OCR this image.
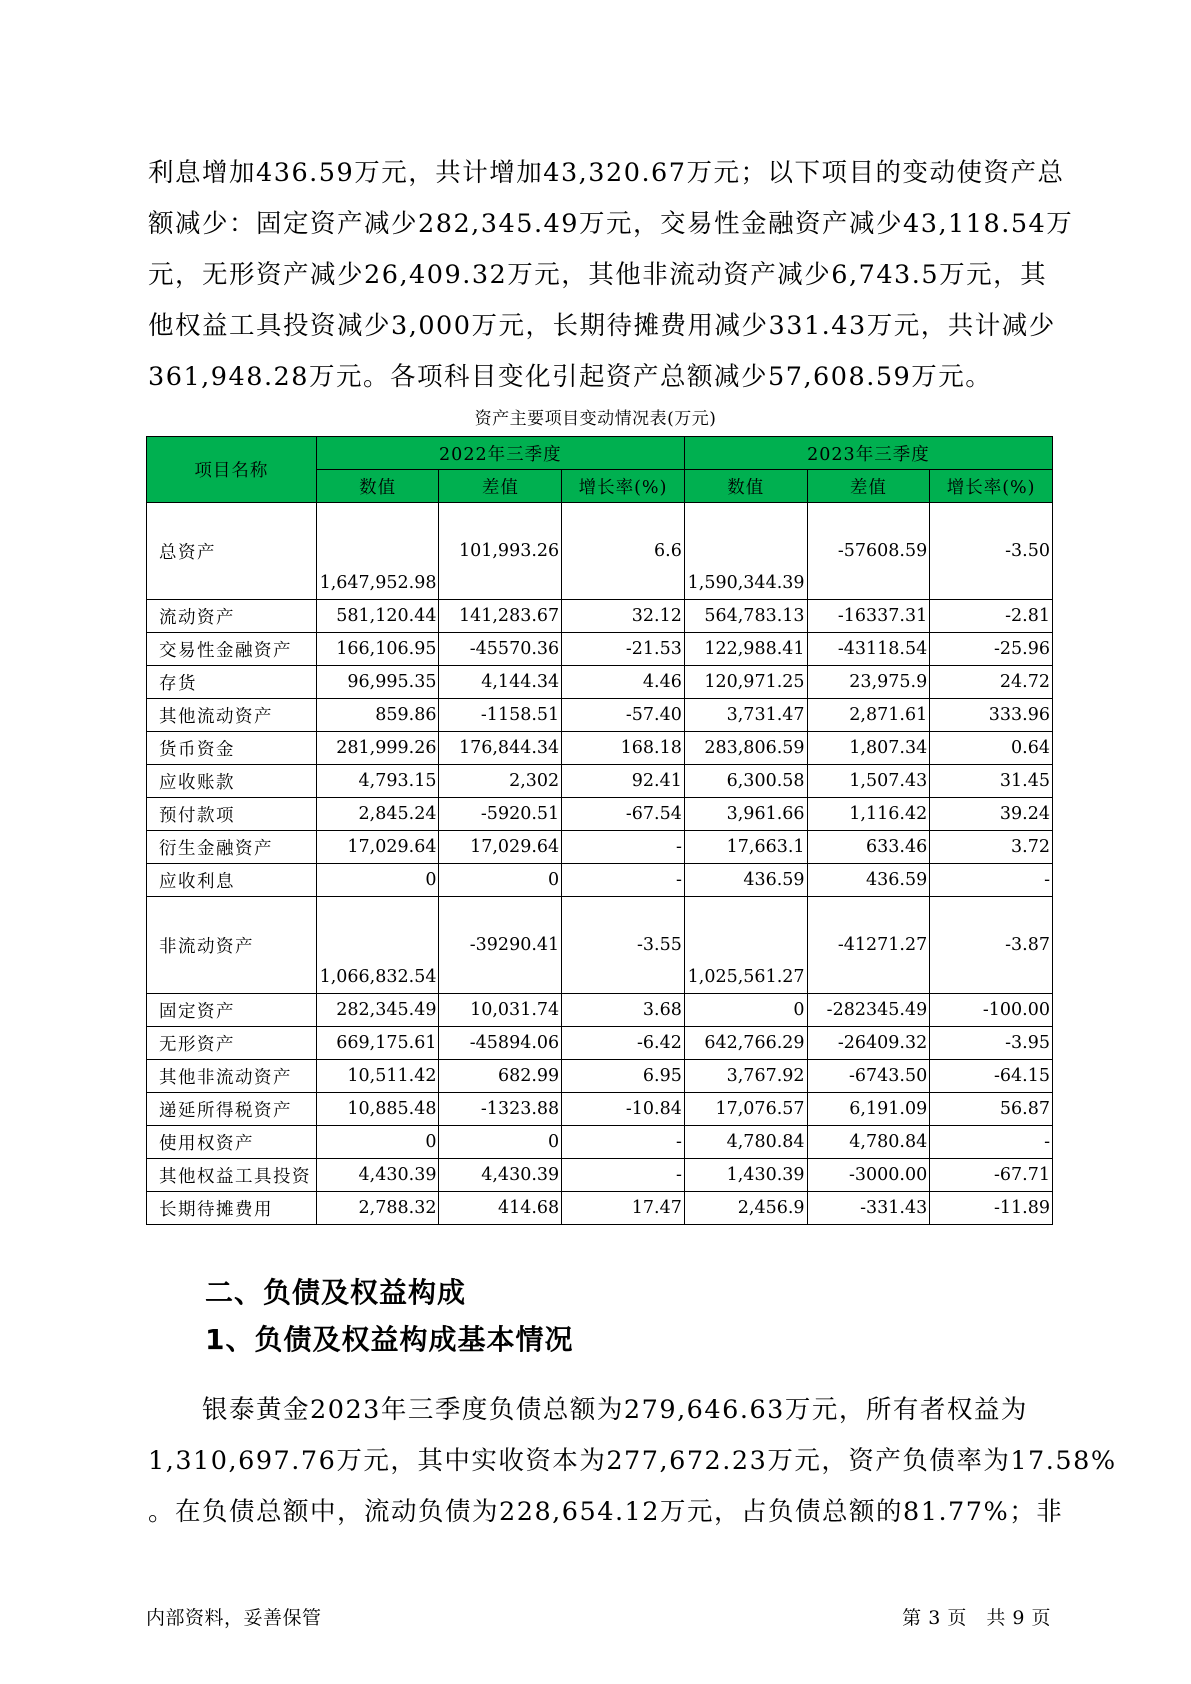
利息增加436.59万元，共计增加43,320.67万元；以下项目的变动使资产总

额减少：固定资产减少282,345.49万元，交易性金融资产减少43,118.54万

元，无形资产减少26,409.32万元，其他非流动资产减少6,743.5万元，其

他权益工具投资减少3,000万元，长期待摊费用减少331.43万元，共计减少

361,948.28万元。各项科目变化引起资产总额减少57,608.59万元。

资产主要项目变动情况表(万元)
项目名称	2022年三季度			2023年三季度		
	数值	差值	增长率(%)	数值	差值	增长率(%)
总资产	1,647,952.98	101,993.26	6.6	1,590,344.39	-57608.59	-3.50
流动资产	581,120.44	141,283.67	32.12	564,783.13	-16337.31	-2.81
交易性金融资产	166,106.95	-45570.36	-21.53	122,988.41	-43118.54	-25.96
存货	96,995.35	4,144.34	4.46	120,971.25	23,975.9	24.72
其他流动资产	859.86	-1158.51	-57.40	3,731.47	2,871.61	333.96
货币资金	281,999.26	176,844.34	168.18	283,806.59	1,807.34	0.64
应收账款	4,793.15	2,302	92.41	6,300.58	1,507.43	31.45
预付款项	2,845.24	-5920.51	-67.54	3,961.66	1,116.42	39.24
衍生金融资产	17,029.64	17,029.64	-	17,663.1	633.46	3.72
应收利息	0	0	-	436.59	436.59	-
非流动资产	1,066,832.54	-39290.41	-3.55	1,025,561.27	-41271.27	-3.87
固定资产	282,345.49	10,031.74	3.68	0	-282345.49	-100.00
无形资产	669,175.61	-45894.06	-6.42	642,766.29	-26409.32	-3.95
其他非流动资产	10,511.42	682.99	6.95	3,767.92	-6743.50	-64.15
递延所得税资产	10,885.48	-1323.88	-10.84	17,076.57	6,191.09	56.87
使用权资产	0	0	-	4,780.84	4,780.84	-
其他权益工具投资	4,430.39	4,430.39	-	1,430.39	-3000.00	-67.71
长期待摊费用	2,788.32	414.68	17.47	2,456.9	-331.43	-11.89
二、负债及权益构成
1、负债及权益构成基本情况

　　银泰黄金2023年三季度负债总额为279,646.63万元，所有者权益为

1,310,697.76万元，其中实收资本为277,672.23万元，资产负债率为17.58%

。在负债总额中，流动负债为228,654.12万元，占负债总额的81.77%；非

内部资料，妥善保管	第 3 页　共 9 页
